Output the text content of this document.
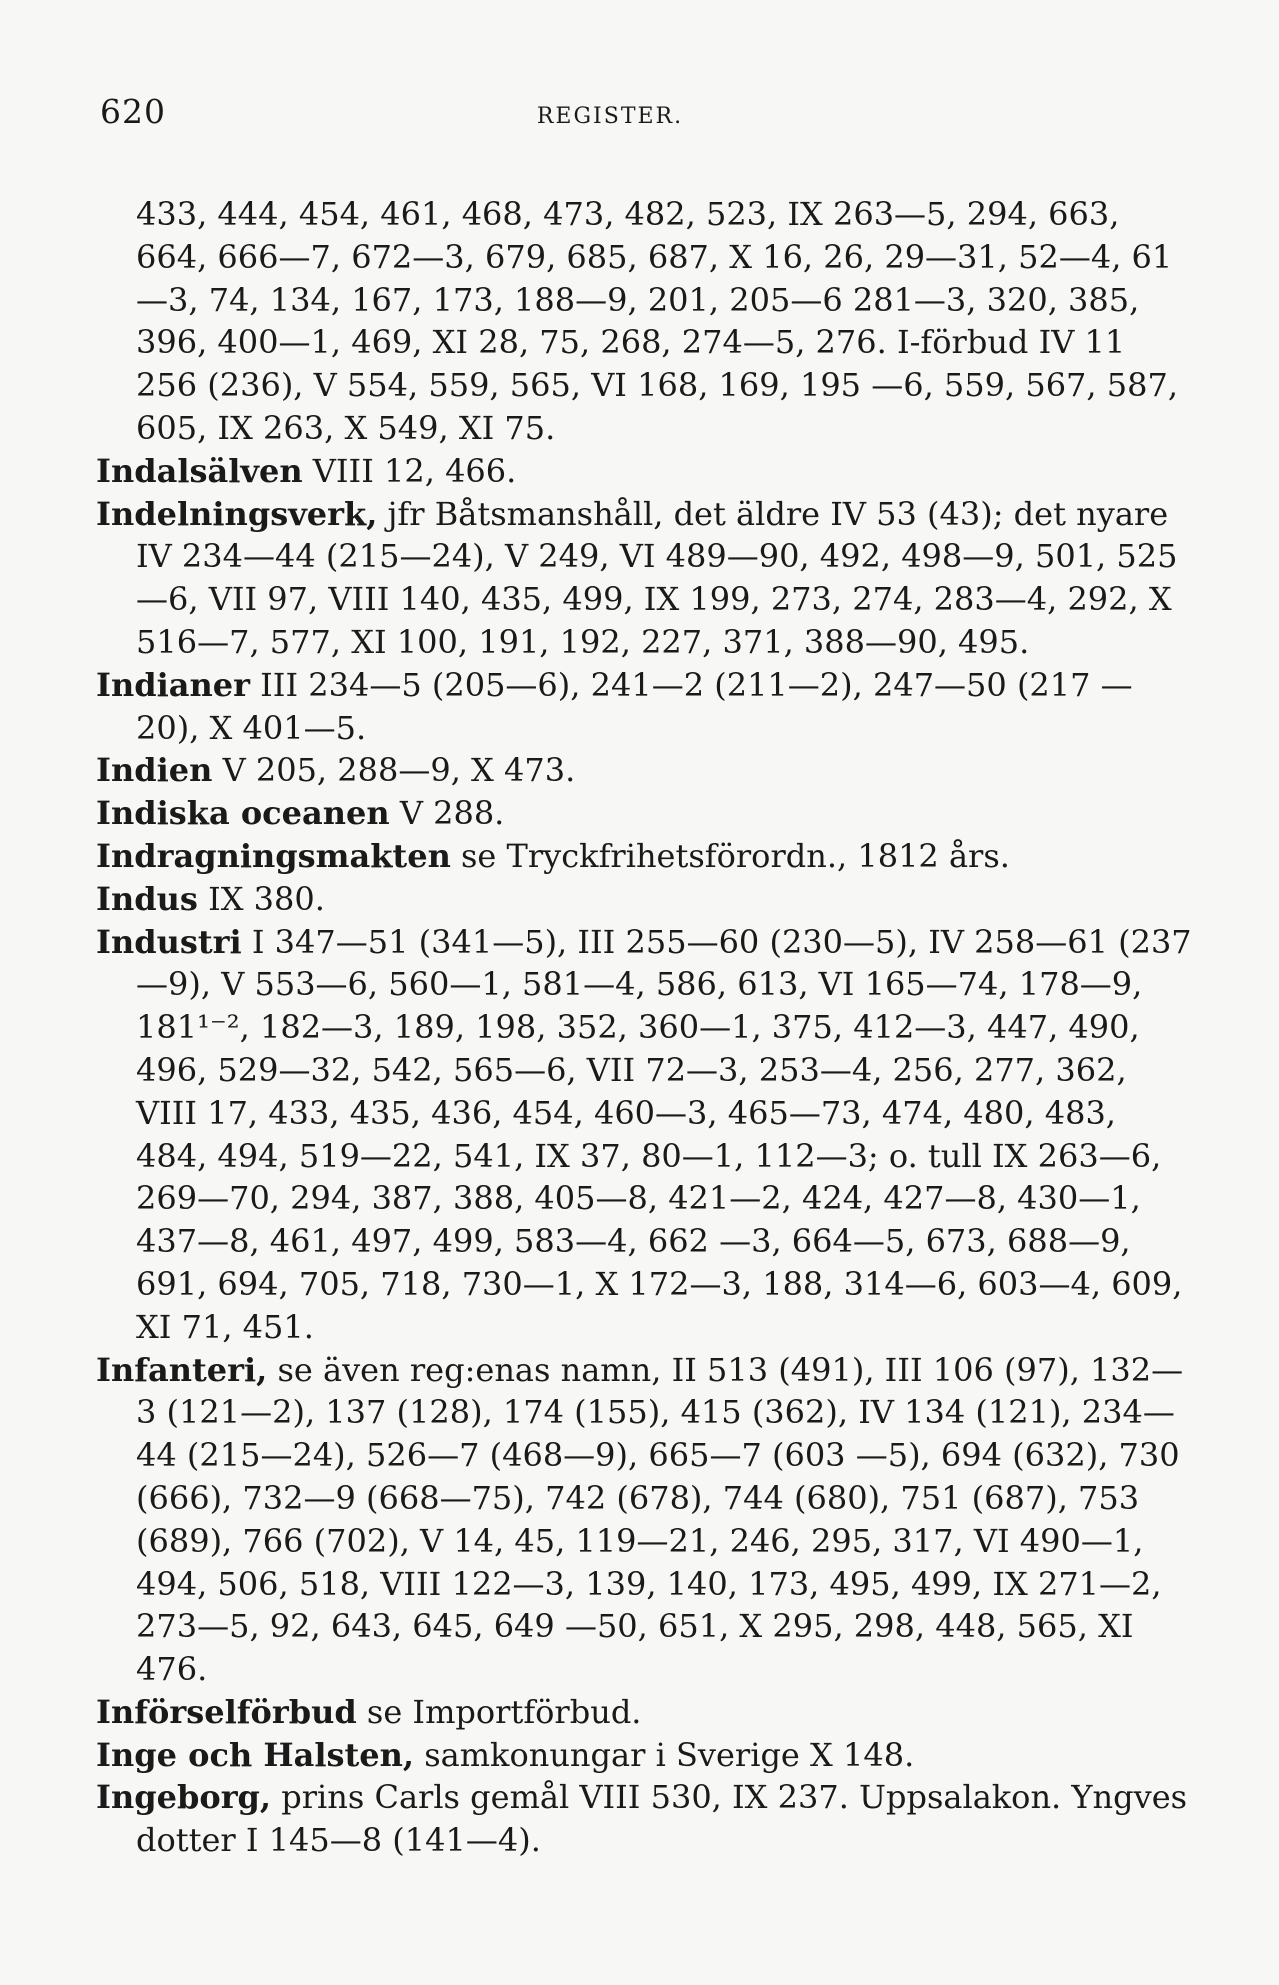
620	REGISTER.

433, 444, 454, 461, 468, 473, 482, 523, IX 263—5, 294, 663, 664, 666—7, 672—3, 679, 685, 687, X 16, 26, 29—31, 52—4, 61—3, 74, 134, 167, 173, 188—9, 201, 205—6 281—3, 320, 385, 396, 400—1, 469, XI 28, 75, 268, 274—5, 276. I-förbud IV 11 256 (236), V 554, 559, 565, VI 168, 169, 195 —6, 559, 567, 587, 605, IX 263, X 549, XI 75.

Indalsälven VIII 12, 466.

Indelningsverk, jfr Båtsmanshåll, det äldre IV 53 (43); det nyare IV 234—44 (215—24), V 249, VI 489—90, 492, 498—9, 501, 525—6, VII 97, VIII 140, 435, 499, IX 199, 273, 274, 283—4, 292, X 516—7, 577, XI 100, 191, 192, 227, 371, 388—90, 495.

Indianer III 234—5 (205—6), 241—2 (211—2), 247—50 (217 —20), X 401—5.

Indien V 205, 288—9, X 473.

Indiska oceanen V 288.

Indragningsmakten se Tryckfrihetsförordn., 1812 års.

Indus IX 380.

Industri I 347—51 (341—5), III 255—60 (230—5), IV 258—61 (237—9), V 553—6, 560—1, 581—4, 586, 613, VI 165—74, 178—9, 181¹⁻², 182—3, 189, 198, 352, 360—1, 375, 412—3, 447, 490, 496, 529—32, 542, 565—6, VII 72—3, 253—4, 256, 277, 362, VIII 17, 433, 435, 436, 454, 460—3, 465—73, 474, 480, 483, 484, 494, 519—22, 541, IX 37, 80—1, 112—3; o. tull IX 263—6, 269—70, 294, 387, 388, 405—8, 421—2, 424, 427—8, 430—1, 437—8, 461, 497, 499, 583—4, 662 —3, 664—5, 673, 688—9, 691, 694, 705, 718, 730—1, X 172—3, 188, 314—6, 603—4, 609, XI 71, 451.

Infanteri, se även reg:enas namn, II 513 (491), III 106 (97), 132—3 (121—2), 137 (128), 174 (155), 415 (362), IV 134 (121), 234—44 (215—24), 526—7 (468—9), 665—7 (603 —5), 694 (632), 730 (666), 732—9 (668—75), 742 (678), 744 (680), 751 (687), 753 (689), 766 (702), V 14, 45, 119—21, 246, 295, 317, VI 490—1, 494, 506, 518, VIII 122—3, 139, 140, 173, 495, 499, IX 271—2, 273—5, 92, 643, 645, 649 —50, 651, X 295, 298, 448, 565, XI 476.

Införselförbud se Importförbud.

Inge och Halsten, samkonungar i Sverige X 148.

Ingeborg, prins Carls gemål VIII 530, IX 237. Uppsalakon. Yngves dotter I 145—8 (141—4).
